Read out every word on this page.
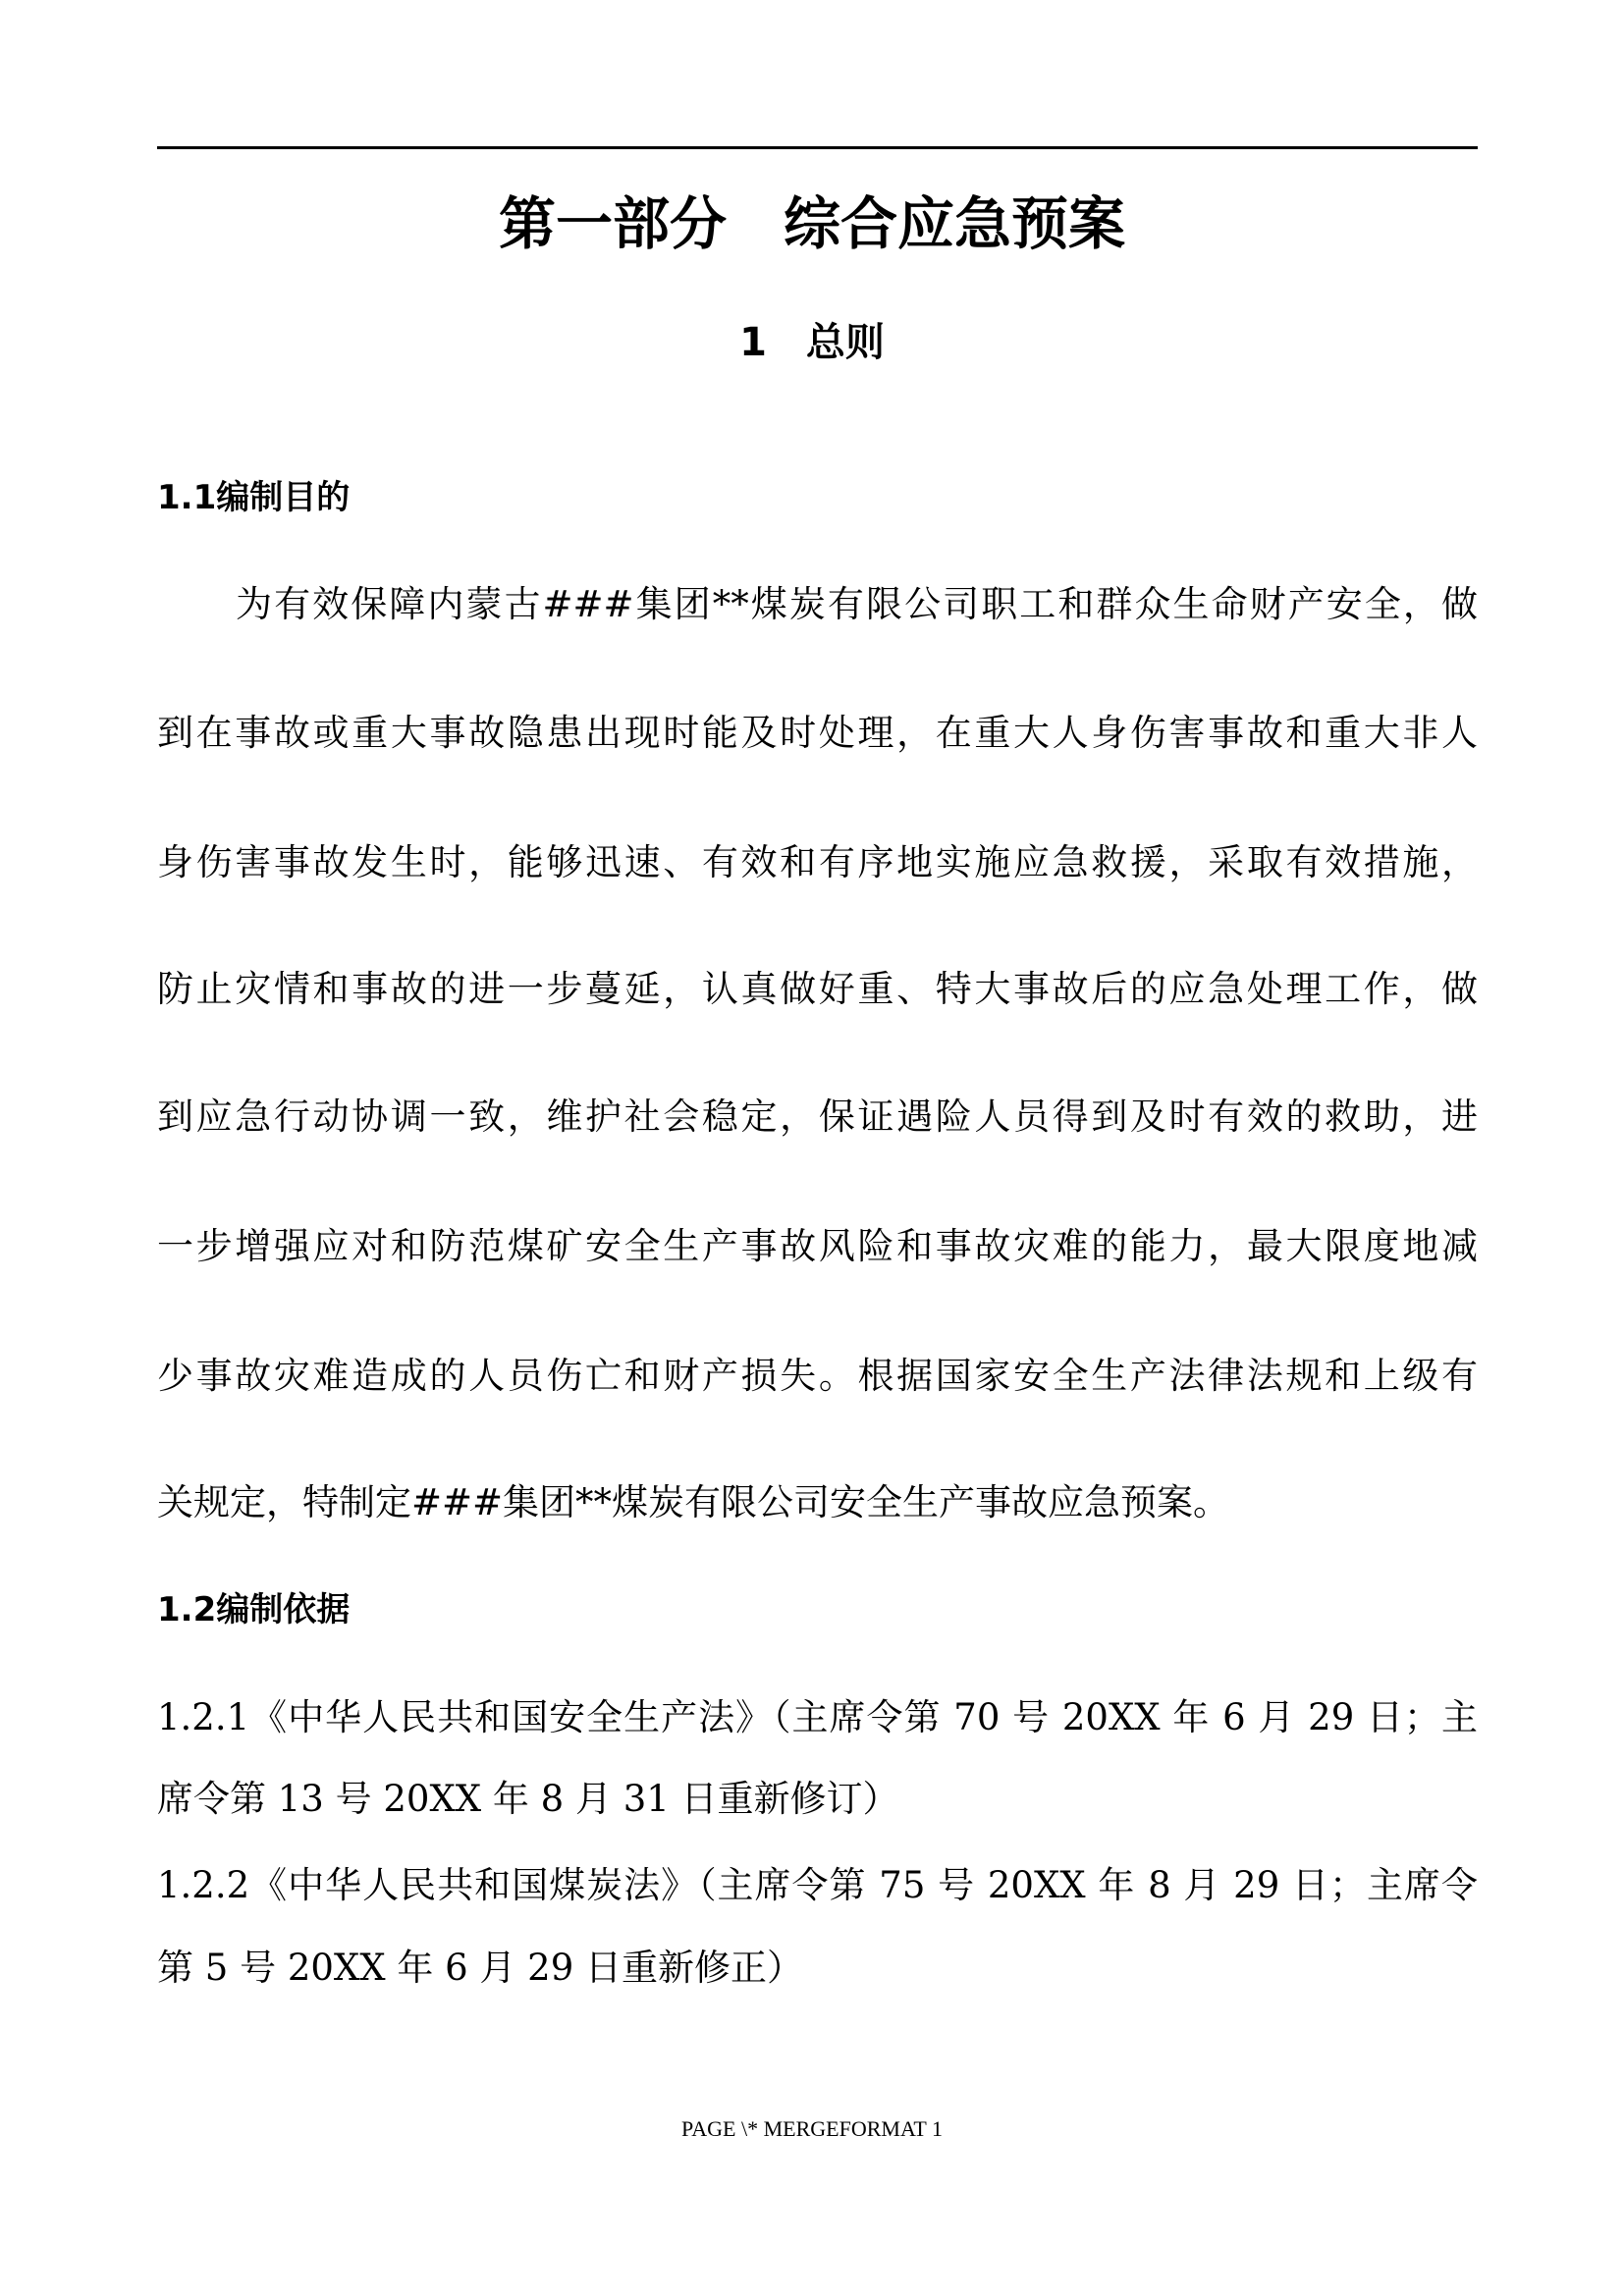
第一部分 综合应急预案
1 总则
1.1编制目的
为有效保障内蒙古###集团**煤炭有限公司职工和群众生命财产安全，做
到在事故或重大事故隐患出现时能及时处理，在重大人身伤害事故和重大非人
身伤害事故发生时，能够迅速、有效和有序地实施应急救援，采取有效措施，
防止灾情和事故的进一步蔓延，认真做好重、特大事故后的应急处理工作，做
到应急行动协调一致，维护社会稳定，保证遇险人员得到及时有效的救助，进
一步增强应对和防范煤矿安全生产事故风险和事故灾难的能力，最大限度地减
少事故灾难造成的人员伤亡和财产损失。根据国家安全生产法律法规和上级有
关规定，特制定###集团**煤炭有限公司安全生产事故应急预案。
1.2编制依据
1.2.1《中华人民共和国安全生产法》（主席令第 70 号 20XX 年 6 月 29 日；主
席令第 13 号 20XX 年 8 月 31 日重新修订）
1.2.2《中华人民共和国煤炭法》（主席令第 75 号 20XX 年 8 月 29 日；主席令
第 5 号 20XX 年 6 月 29 日重新修正）
PAGE \* MERGEFORMAT 1
